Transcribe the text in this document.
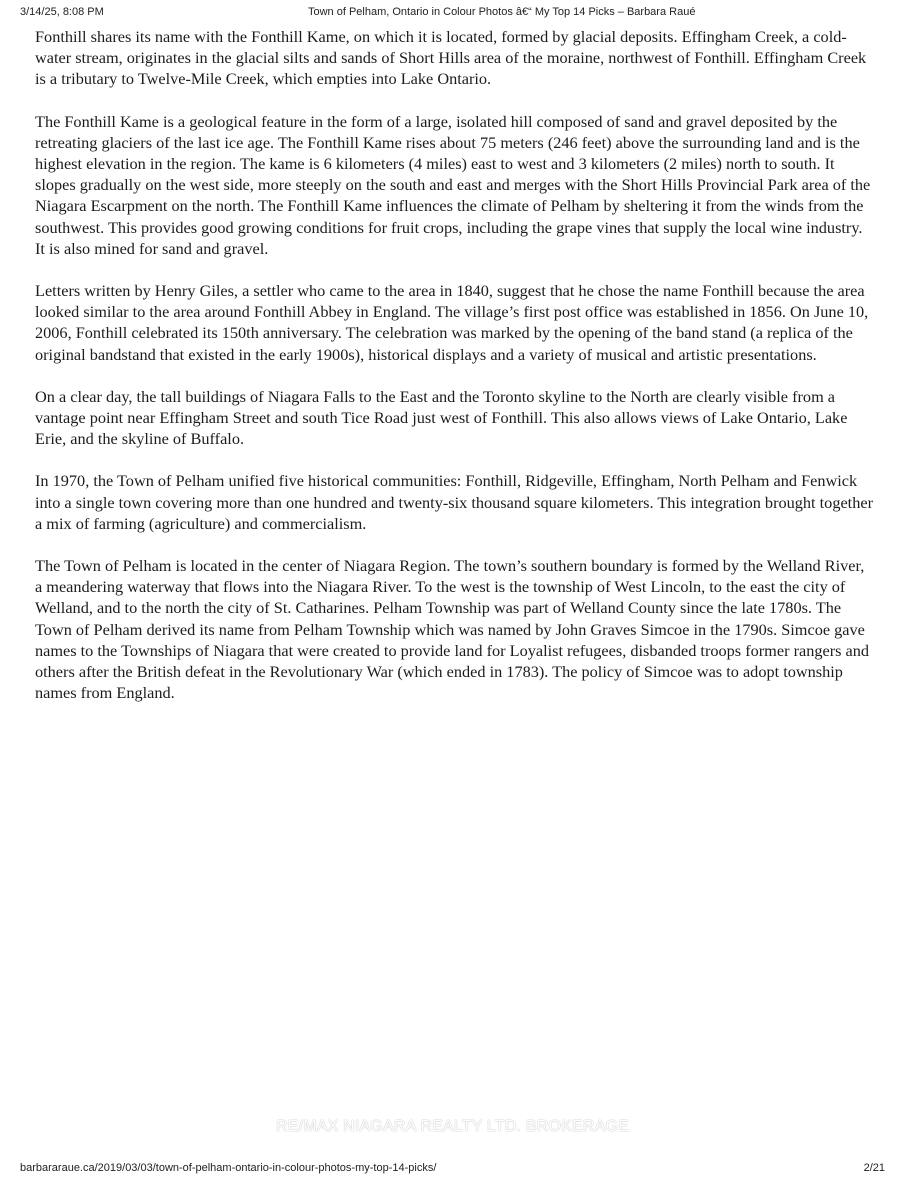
3/14/25, 8:08 PM	Town of Pelham, Ontario in Colour Photos â€“ My Top 14 Picks – Barbara Raué

Fonthill shares its name with the Fonthill Kame, on which it is located, formed by glacial deposits. Effingham Creek, a cold-water stream, originates in the glacial silts and sands of Short Hills area of the moraine, northwest of Fonthill. Effingham Creek is a tributary to Twelve-Mile Creek, which empties into Lake Ontario.

The Fonthill Kame is a geological feature in the form of a large, isolated hill composed of sand and gravel deposited by the retreating glaciers of the last ice age. The Fonthill Kame rises about 75 meters (246 feet) above the surrounding land and is the highest elevation in the region. The kame is 6 kilometers (4 miles) east to west and 3 kilometers (2 miles) north to south. It slopes gradually on the west side, more steeply on the south and east and merges with the Short Hills Provincial Park area of the Niagara Escarpment on the north. The Fonthill Kame influences the climate of Pelham by sheltering it from the winds from the southwest. This provides good growing conditions for fruit crops, including the grape vines that supply the local wine industry. It is also mined for sand and gravel.

Letters written by Henry Giles, a settler who came to the area in 1840, suggest that he chose the name Fonthill because the area looked similar to the area around Fonthill Abbey in England. The village’s first post office was established in 1856. On June 10, 2006, Fonthill celebrated its 150th anniversary. The celebration was marked by the opening of the band stand (a replica of the original bandstand that existed in the early 1900s), historical displays and a variety of musical and artistic presentations.

On a clear day, the tall buildings of Niagara Falls to the East and the Toronto skyline to the North are clearly visible from a vantage point near Effingham Street and south Tice Road just west of Fonthill. This also allows views of Lake Ontario, Lake Erie, and the skyline of Buffalo.

In 1970, the Town of Pelham unified five historical communities: Fonthill, Ridgeville, Effingham, North Pelham and Fenwick into a single town covering more than one hundred and twenty-six thousand square kilometers. This integration brought together a mix of farming (agriculture) and commercialism.

The Town of Pelham is located in the center of Niagara Region. The town’s southern boundary is formed by the Welland River, a meandering waterway that flows into the Niagara River. To the west is the township of West Lincoln, to the east the city of Welland, and to the north the city of St. Catharines. Pelham Township was part of Welland County since the late 1780s. The Town of Pelham derived its name from Pelham Township which was named by John Graves Simcoe in the 1790s. Simcoe gave names to the Townships of Niagara that were created to provide land for Loyalist refugees, disbanded troops former rangers and others after the British defeat in the Revolutionary War (which ended in 1783). The policy of Simcoe was to adopt township names from England.

RE/MAX NIAGARA REALTY LTD. BROKERAGE
barbararaue.ca/2019/03/03/town-of-pelham-ontario-in-colour-photos-my-top-14-picks/	2/21
